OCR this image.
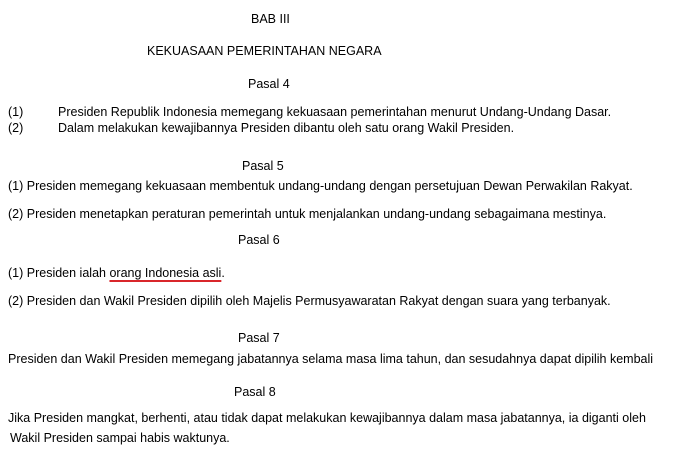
BAB III
KEKUASAAN PEMERINTAHAN NEGARA
Pasal 4
(1)	Presiden Republik Indonesia memegang kekuasaan pemerintahan menurut Undang-Undang Dasar.
(2)	Dalam melakukan kewajibannya Presiden dibantu oleh satu orang Wakil Presiden.
Pasal 5
(1) Presiden memegang kekuasaan membentuk undang-undang dengan persetujuan Dewan Perwakilan Rakyat.
(2) Presiden menetapkan peraturan pemerintah untuk menjalankan undang-undang sebagaimana mestinya.
Pasal 6
(1) Presiden ialah orang Indonesia asli.
(2) Presiden dan Wakil Presiden dipilih oleh Majelis Permusyawaratan Rakyat dengan suara yang terbanyak.
Pasal 7
Presiden dan Wakil Presiden memegang jabatannya selama masa lima tahun, dan sesudahnya dapat dipilih kembali
Pasal 8
Jika Presiden mangkat, berhenti, atau tidak dapat melakukan kewajibannya dalam masa jabatannya, ia diganti oleh
Wakil Presiden sampai habis waktunya.
